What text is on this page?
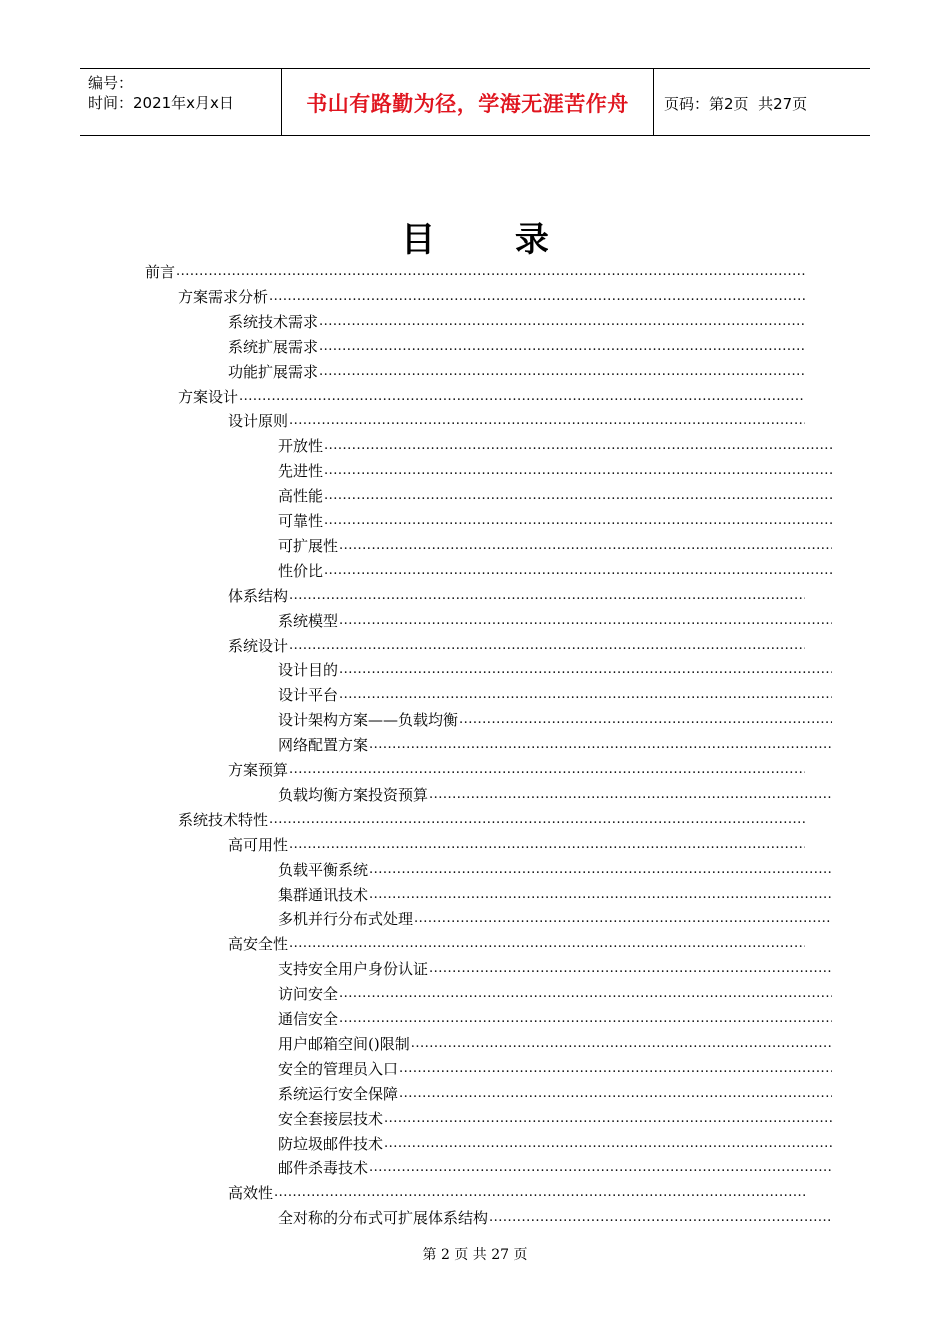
编号：
时间：2021年x月x日	书山有路勤为径，学海无涯苦作舟	页码：第2页  共27页
目 录
前言
.....
方案需求分析
.....
系统技术需求
.....
系统扩展需求
.....
功能扩展需求
.....
方案设计
.....
设计原则
.....
开放性
.....
先进性
.....
高性能
.....
可靠性
.....
可扩展性
.....
性价比
.....
体系结构
.....
系统模型
.....
系统设计
.....
设计目的
.....
设计平台
.....
设计架构方案——负载均衡
.....
网络配置方案
.....
方案预算
.....
负载均衡方案投资预算
.....
系统技术特性
.....
高可用性
.....
负载平衡系统
.....
集群通讯技术
.....
多机并行分布式处理
.....
高安全性
.....
支持安全用户身份认证
.....
访问安全
.....
通信安全
.....
用户邮箱空间()限制
.....
安全的管理员入口
.....
系统运行安全保障
.....
安全套接层技术
.....
防垃圾邮件技术
.....
邮件杀毒技术
.....
高效性
.....
全对称的分布式可扩展体系结构
.....
第 2 页 共 27 页
